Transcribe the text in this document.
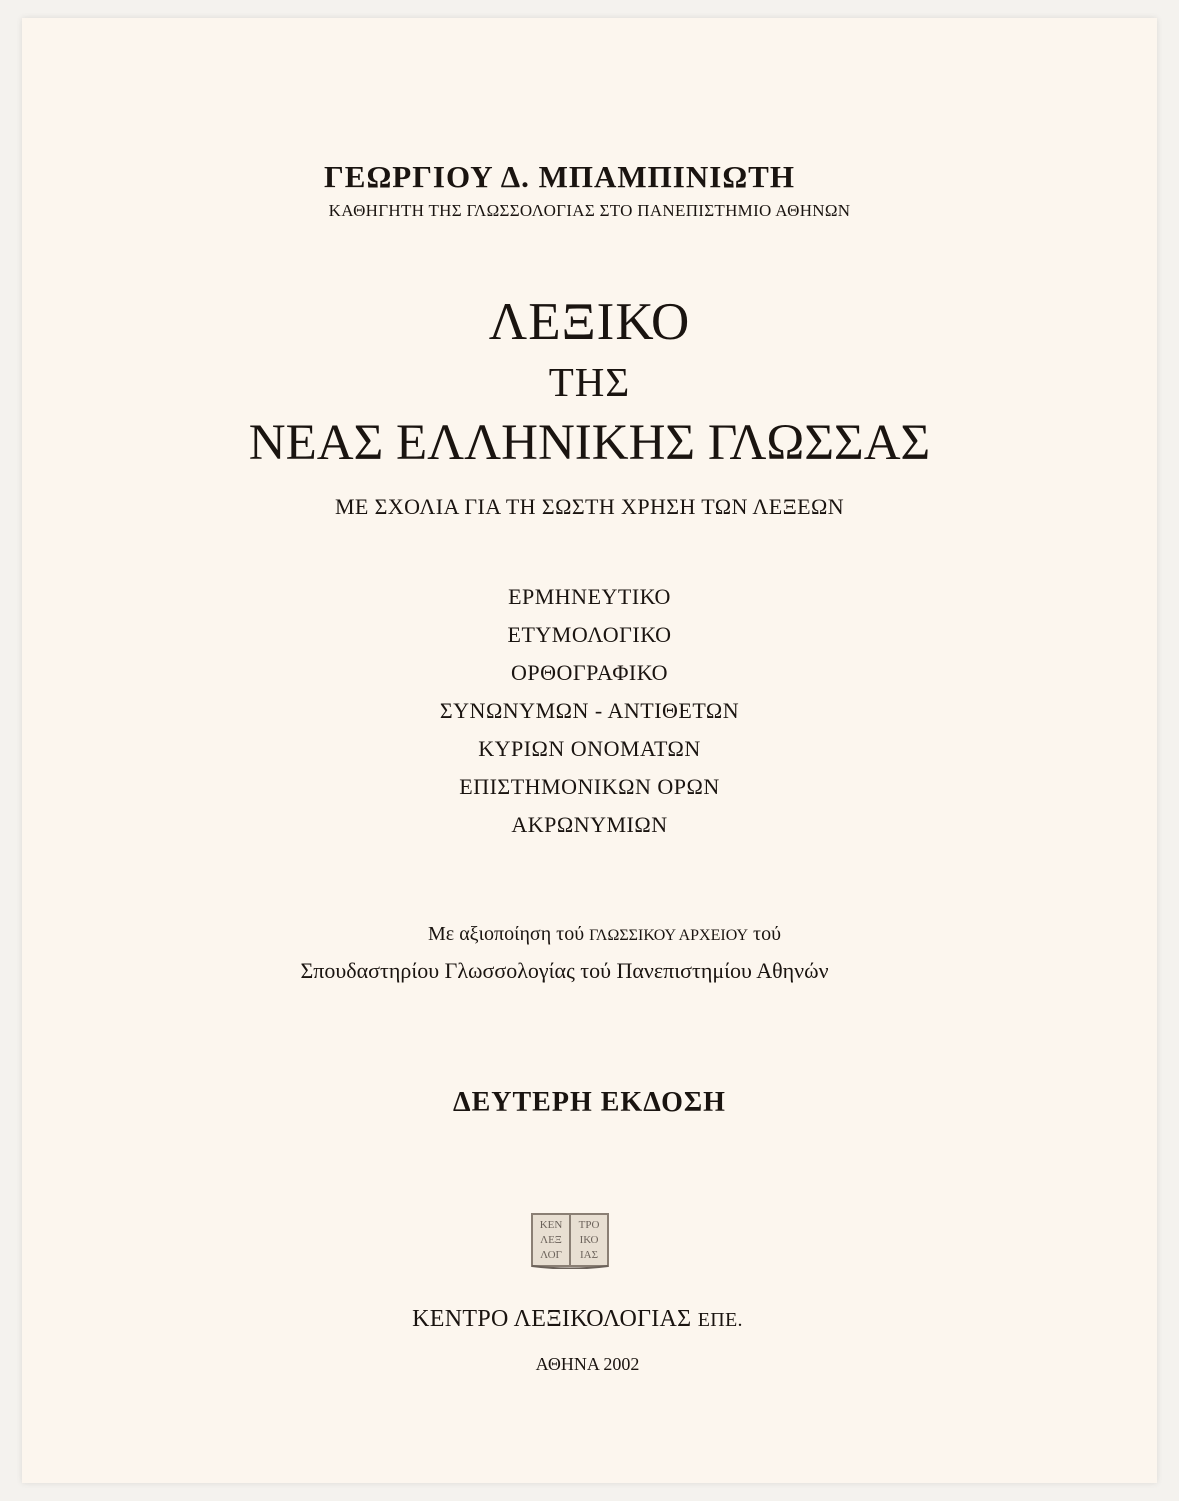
ΓΕΩΡΓΙΟΥ Δ. ΜΠΑΜΠΙΝΙΩΤΗ
ΚΑΘΗΓΗΤΗ ΤΗΣ ΓΛΩΣΣΟΛΟΓΙΑΣ ΣΤΟ ΠΑΝΕΠΙΣΤΗΜΙΟ ΑΘΗΝΩΝ
ΛΕΞΙΚΟ
ΤΗΣ
ΝΕΑΣ ΕΛΛΗΝΙΚΗΣ ΓΛΩΣΣΑΣ
ΜΕ ΣΧΟΛΙΑ ΓΙΑ ΤΗ ΣΩΣΤΗ ΧΡΗΣΗ ΤΩΝ ΛΕΞΕΩΝ
ΕΡΜΗΝΕΥΤΙΚΟ
ΕΤΥΜΟΛΟΓΙΚΟ
ΟΡΘΟΓΡΑΦΙΚΟ
ΣΥΝΩΝΥΜΩΝ - ΑΝΤΙΘΕΤΩΝ
ΚΥΡΙΩΝ ΟΝΟΜΑΤΩΝ
ΕΠΙΣΤΗΜΟΝΙΚΩΝ ΟΡΩΝ
ΑΚΡΩΝΥΜΙΩΝ
Με αξιοποίηση τού ΓΛΩΣΣΙΚΟΥ ΑΡΧΕΙΟΥ τού
Σπουδαστηρίου Γλωσσολογίας τού Πανεπιστημίου Αθηνών
ΔΕΥΤΕΡΗ ΕΚΔΟΣΗ
ΚΕΝ ΤΡΟ
ΛΕΞ ΙΚΟ
ΛΟΓ ΙΑΣ
ΚΕΝΤΡΟ ΛΕΞΙΚΟΛΟΓΙΑΣ ΕΠΕ.
ΑΘΗΝΑ 2002
